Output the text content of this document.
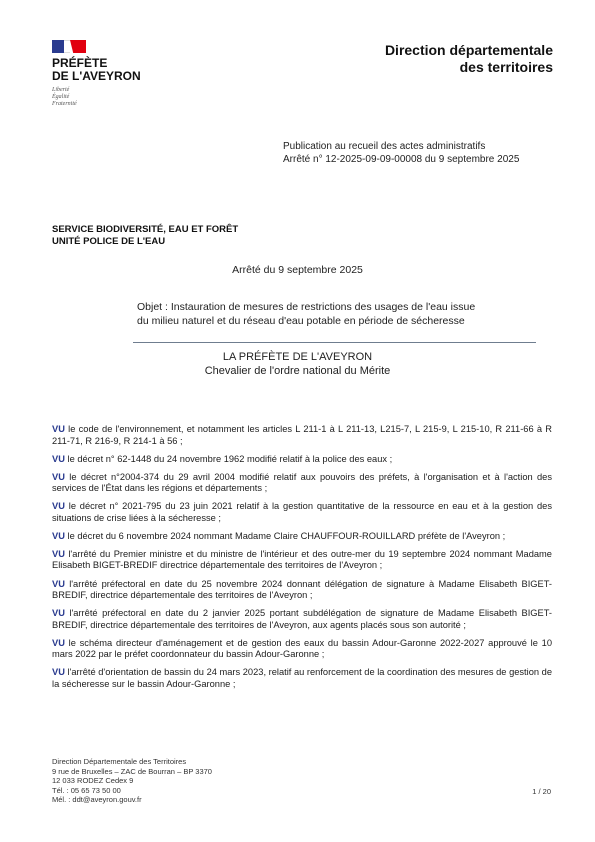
PRÉFÈTE
DE L'AVEYRON
Liberté
Égalité
Fraternité
Direction départementale
des territoires
Publication au recueil des actes administratifs
Arrêté n° 12-2025-09-09-00008 du 9 septembre 2025
SERVICE BIODIVERSITÉ, EAU ET FORÊT
UNITÉ POLICE DE L'EAU
Arrêté du 9 septembre 2025
Objet : Instauration de mesures de restrictions des usages de l'eau issue
du milieu naturel et du réseau d'eau potable en période de sécheresse
LA PRÉFÈTE DE L'AVEYRON
Chevalier de l'ordre national du Mérite

VU le code de l'environnement, et notamment les articles L 211-1 à L 211-13, L215-7, L 215-9, L 215-10, R 211-66 à R 211-71, R 216-9, R 214-1 à 56 ;

VU le décret n° 62-1448 du 24 novembre 1962 modifié relatif à la police des eaux ;

VU le décret n°2004-374 du 29 avril 2004 modifié relatif aux pouvoirs des préfets, à l'organisation et à l'action des services de l'État dans les régions et départements ;

VU le décret n° 2021-795 du 23 juin 2021 relatif à la gestion quantitative de la ressource en eau et à la gestion des situations de crise liées à la sécheresse ;

VU le décret du 6 novembre 2024 nommant Madame Claire CHAUFFOUR-ROUILLARD préfète de l'Aveyron ;

VU l'arrêté du Premier ministre et du ministre de l'intérieur et des outre-mer du 19 septembre 2024 nommant Madame Elisabeth BIGET-BREDIF directrice départementale des territoires de l'Aveyron ;

VU l'arrêté préfectoral en date du 25 novembre 2024 donnant délégation de signature à Madame Elisabeth BIGET-BREDIF, directrice départementale des territoires de l'Aveyron ;

VU l'arrêté préfectoral en date du 2 janvier 2025 portant subdélégation de signature de Madame Elisabeth BIGET-BREDIF, directrice départementale des territoires de l'Aveyron, aux agents placés sous son autorité ;

VU le schéma directeur d'aménagement et de gestion des eaux du bassin Adour-Garonne 2022-2027 approuvé le 10 mars 2022 par le préfet coordonnateur du bassin Adour-Garonne ;

VU l'arrêté d'orientation de bassin du 24 mars 2023, relatif au renforcement de la coordination des mesures de gestion de la sécheresse sur le bassin Adour-Garonne ;

Direction Départementale des Territoires
9 rue de Bruxelles – ZAC de Bourran – BP 3370
12 033 RODEZ Cedex 9
Tél. : 05 65 73 50 00
Mél. : ddt@aveyron.gouv.fr
1 / 20
